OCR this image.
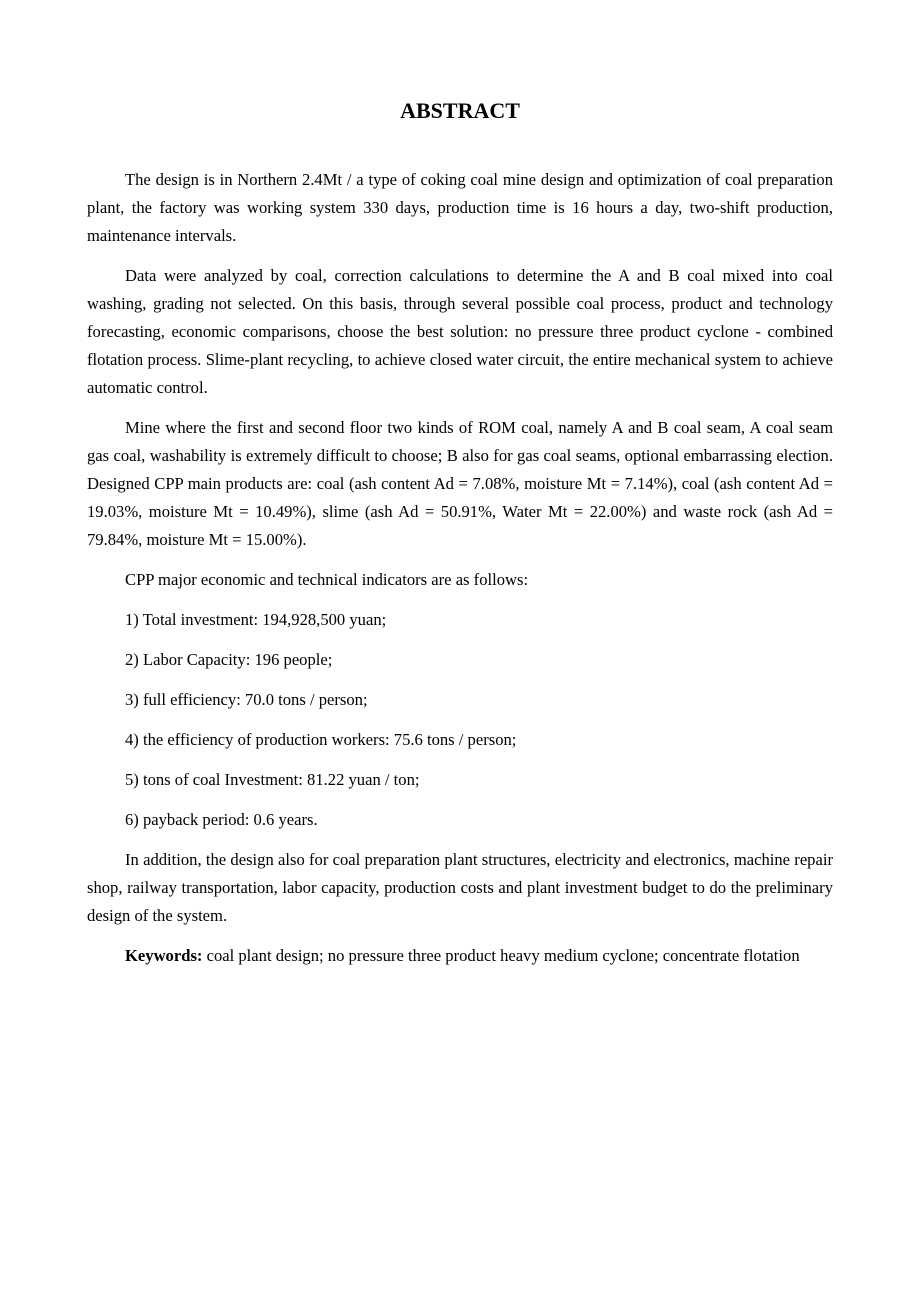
ABSTRACT

The design is in Northern 2.4Mt / a type of coking coal mine design and optimization of coal preparation plant, the factory was working system 330 days, production time is 16 hours a day, two-shift production, maintenance intervals.

Data were analyzed by coal, correction calculations to determine the A and B coal mixed into coal washing, grading not selected. On this basis, through several possible coal process, product and technology forecasting, economic comparisons, choose the best solution: no pressure three product cyclone - combined flotation process. Slime-plant recycling, to achieve closed water circuit, the entire mechanical system to achieve automatic control.

Mine where the first and second floor two kinds of ROM coal, namely A and B coal seam, A coal seam gas coal, washability is extremely difficult to choose; B also for gas coal seams, optional embarrassing election. Designed CPP main products are: coal (ash content Ad = 7.08%, moisture Mt = 7.14%), coal (ash content Ad = 19.03%, moisture Mt = 10.49%), slime (ash Ad = 50.91%, Water Mt = 22.00%) and waste rock (ash Ad = 79.84%, moisture Mt = 15.00%).

CPP major economic and technical indicators are as follows:

1) Total investment: 194,928,500 yuan;

2) Labor Capacity: 196 people;

3) full efficiency: 70.0 tons / person;

4) the efficiency of production workers: 75.6 tons / person;

5) tons of coal Investment: 81.22 yuan / ton;

6) payback period: 0.6 years.

In addition, the design also for coal preparation plant structures, electricity and electronics, machine repair shop, railway transportation, labor capacity, production costs and plant investment budget to do the preliminary design of the system.

Keywords: coal plant design; no pressure three product heavy medium cyclone; concentrate flotation
